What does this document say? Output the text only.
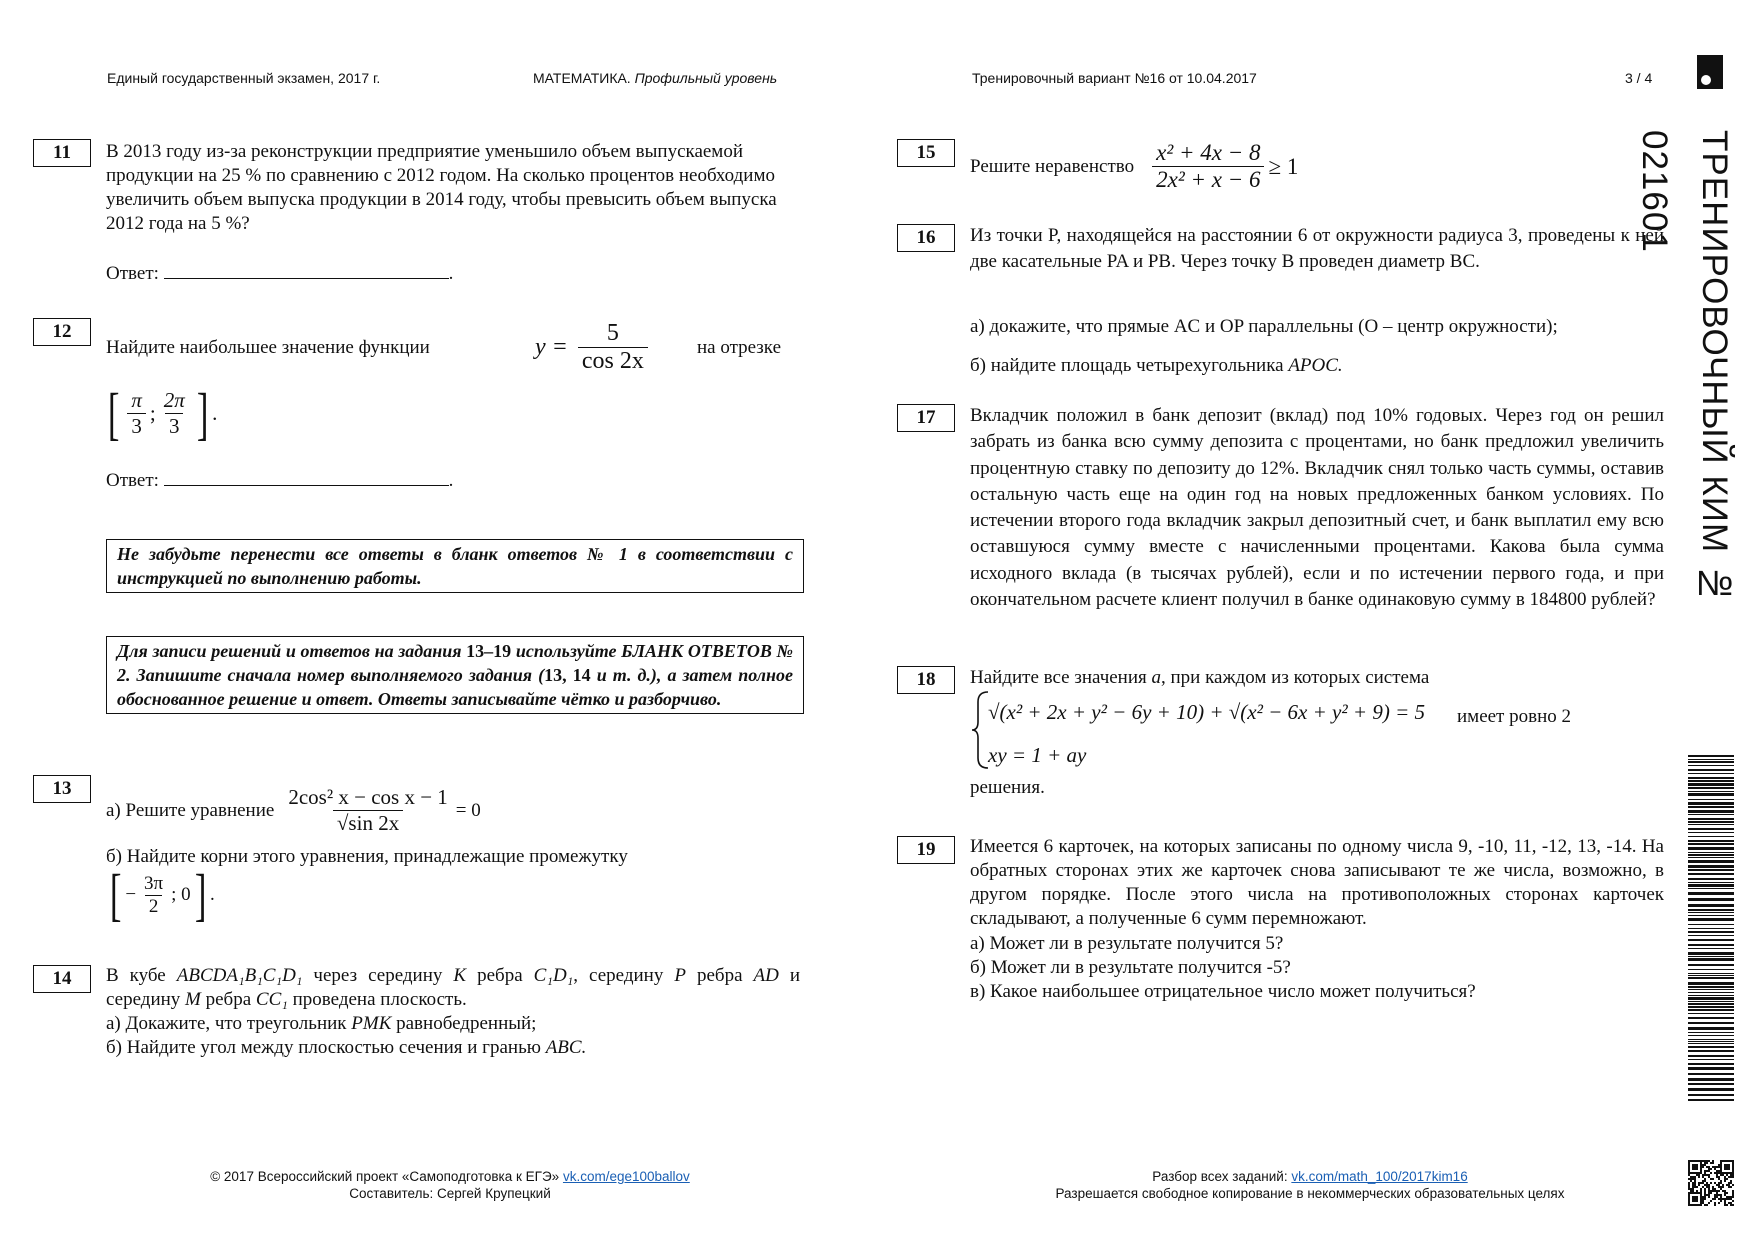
Единый государственный экзамен, 2017 г.	МАТЕМАТИКА. Профильный уровень	Тренировочный вариант №16 от 10.04.2017	3 / 4
ТРЕНИРОВОЧНЫЙ КИМ № 021601
11	В 2013 году из-за реконструкции предприятие уменьшило объем выпускаемой продукции на 25 % по сравнению с 2012 годом. На сколько процентов необходимо увеличить объем выпуска продукции в 2014 году, чтобы превысить объем выпуска 2012 года на 5 %?
Ответ:	.
12
Найдите наибольшее значение функции	$y = \frac{5}{\cos 2x}$	на отрезке
[ $\frac{\pi}{3}$ ; $\frac{2\pi}{3}$ ] .
Ответ:	.
Не забудьте перенести все ответы в бланк ответов № 1 в соответствии с инструкцией по выполнению работы.
Для записи решений и ответов на задания 13–19 используйте БЛАНК ОТВЕТОВ № 2. Запишите сначала номер выполняемого задания (13, 14 и т. д.), а затем полное обоснованное решение и ответ. Ответы записывайте чётко и разборчиво.
13
а) Решите уравнение $\frac{\text{2cos² x − cos x − 1}}{√\sin 2x} = 0$
б) Найдите корни этого уравнения, принадлежащие промежутку
[ − $\frac{3\pi}{2}$ ; 0 ] .
14	В кубе ABCDA₁B₁C₁D₁ через середину K ребра C₁D₁, середину P ребра AD и середину M ребра CC₁ проведена плоскость.
а) Докажите, что треугольник PMK равнобедренный;
б) Найдите угол между плоскостью сечения и гранью ABC.
15
Решите неравенство $\frac{\text{x² + 4x − 8}}{\text{2x² + x − 6}} \ge 1$
16	Из точки P, находящейся на расстоянии 6 от окружности радиуса 3, проведены к ней две касательные PA и PB. Через точку B проведен диаметр BC.
а) докажите, что прямые AC и OP параллельны (O – центр окружности);
б) найдите площадь четырехугольника APOC.
17	Вкладчик положил в банк депозит (вклад) под 10% годовых. Через год он решил забрать из банка всю сумму депозита с процентами, но банк предложил увеличить процентную ставку по депозиту до 12%. Вкладчик снял только часть суммы, оставив остальную часть еще на один год на новых предложенных банком условиях. По истечении второго года вкладчик закрыл депозитный счет, и банк выплатил ему всю оставшуюся сумму вместе с начисленными процентами. Какова была сумма исходного вклада (в тысячах рублей), если и по истечении первого года, и при окончательном расчете клиент получил в банке одинаковую сумму в 184800 рублей?
18	Найдите все значения a, при каждом из которых система
√(x² + 2x + y² − 6y + 10) + √(x² − 6x + y² + 9) = 5 имеет ровно 2
xy = 1 + ay
решения.
19	Имеется 6 карточек, на которых записаны по одному числа 9, -10, 11, -12, 13, -14. На обратных сторонах этих же карточек снова записывают те же числа, возможно, в другом порядке. После этого числа на противоположных сторонах карточек складывают, а полученные 6 сумм перемножают.
а) Может ли в результате получится 5?
б) Может ли в результате получится -5?
в) Какое наибольшее отрицательное число может получиться?
© 2017 Всероссийский проект «Самоподготовка к ЕГЭ» vk.com/ege100ballov
Составитель: Сергей Крупецкий
Разбор всех заданий: vk.com/math_100/2017kim16
Разрешается свободное копирование в некоммерческих образовательных целях
